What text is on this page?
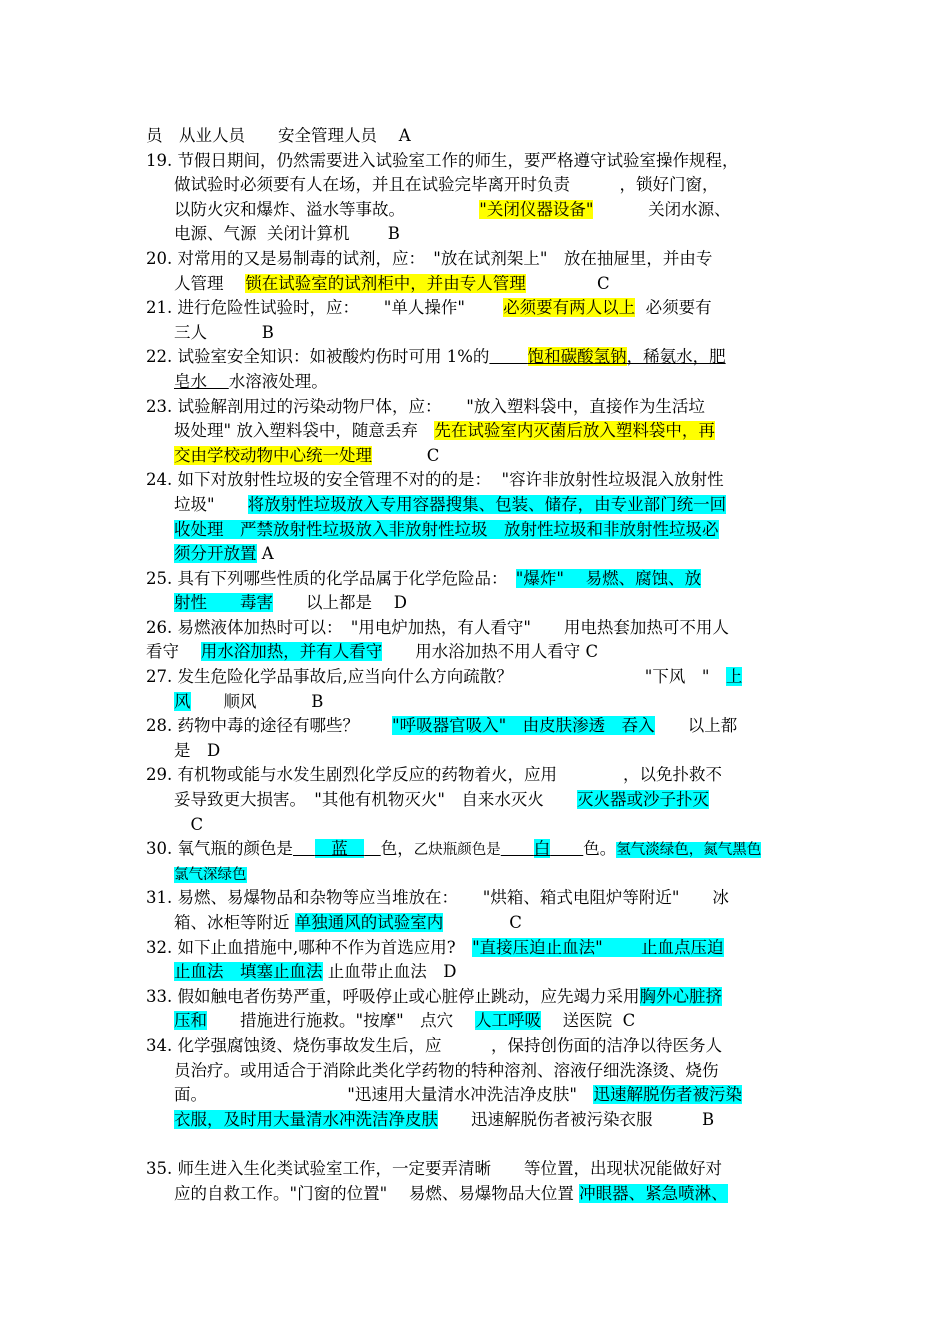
员　从业人员　　安全管理人员　 A
19. 节假日期间，仍然需要进入试验室工作的师生，要严格遵守试验室操作规程，
做试验时必须要有人在场，并且在试验完毕离开时负责　　　，锁好门窗，
以防火灾和爆炸、溢水等事故。　　　　　"关闭仪器设备"　　　 关闭水源、
电源、气源  关闭计算机　　 B
20. 对常用的又是易制毒的试剂，应：　"放在试剂架上"　放在抽屉里，并由专
人管理　 锁在试验室的试剂柜中，并由专人管理　　　　 C
21. 进行危险性试验时，应：　　"单人操作"　　 必须要有两人以上  必须要有
三人　　　 B
22. 试验室安全知识：如被酸灼伤时可用 1%的　　 饱和碳酸氢钠，稀氨水，肥
皂水　 水溶液处理。
23. 试验解剖用过的污染动物尸体，应：　　"放入塑料袋中，直接作为生活垃
圾处理" 放入塑料袋中，随意丢弃　先在试验室内灭菌后放入塑料袋中，再
交由学校动物中心统一处理　　　 C
24. 如下对放射性垃圾的安全管理不对的的是：  "容许非放射性垃圾混入放射性
垃圾"　　将放射性垃圾放入专用容器搜集、包装、储存，由专业部门统一回
收处理　严禁放射性垃圾放入非放射性垃圾　放射性垃圾和非放射性垃圾必
须分开放置 A
25. 具有下列哪些性质的化学品属于化学危险品：　"爆炸"　 易燃、腐蚀、放
射性　　毒害　　以上都是　 D
26. 易燃液体加热时可以：　"用电炉加热，有人看守"　　用电热套加热可不用人
看守　 用水浴加热，并有人看守　　用水浴加热不用人看守 C
27. 发生危险化学品事故后,应当向什么方向疏散？　　　　　　　　"下风　"　上
风　　顺风　　　 B
28. 药物中毒的途径有哪些？　　"呼吸器官吸入"　由皮肤渗透　吞入　　以上都
是　D
29. 有机物或能与水发生剧烈化学反应的药物着火，应用　　　　，以免扑救不
妥导致更大损害。　"其他有机物灭火"　自来水灭火　　灭火器或沙子扑灭
　C
30. 氧气瓶的颜色是　 　蓝　　色，乙炔瓶颜色是　　 白　　 色。氢气淡绿色，氮气黑色
氯气深绿色
31. 易燃、易爆物品和杂物等应当堆放在：　　"烘箱、箱式电阻炉等附近"　　冰
箱、冰柜等附近 单独通风的试验室内　　　　C
32. 如下止血措施中,哪种不作为首选应用?　"直接压迫止血法"　　 止血点压迫
止血法　填塞止血法 止血带止血法　D
33. 假如触电者伤势严重，呼吸停止或心脏停止跳动，应先竭力采用胸外心脏挤
压和　　措施进行施救。"按摩"　点穴　 人工呼吸　 送医院  C
34. 化学强腐蚀烫、烧伤事故发生后，应　　　，保持创伤面的洁净以待医务人
员治疗。或用适合于消除此类化学药物的特种溶剂、溶液仔细洗涤烫、烧伤
面。　　　　　　　　　"迅速用大量清水冲洗洁净皮肤"　迅速解脱伤者被污染
衣服，及时用大量清水冲洗洁净皮肤　　迅速解脱伤者被污染衣服　　　B
35. 师生进入生化类试验室工作，一定要弄清晰　　等位置，出现状况能做好对
应的自救工作。"门窗的位置"　 易燃、易爆物品大位置 冲眼器、紧急喷淋、
